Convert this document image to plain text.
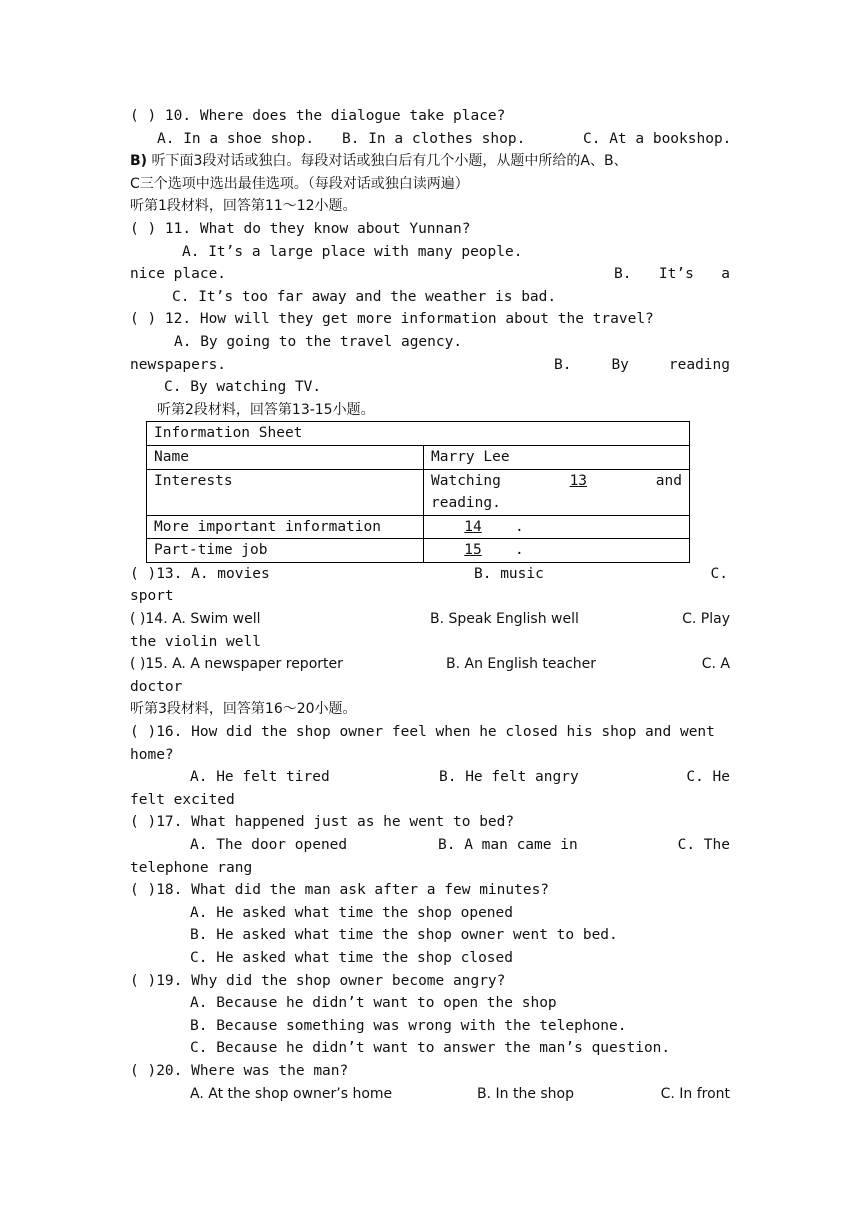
( ) 10. Where does the dialogue take place?
A. In a shoe shop. B. In a clothes shop.	C. At a bookshop.
B) 听下面3段对话或独白。每段对话或独白后有几个小题，从题中所给的A、B、
C三个选项中选出最佳选项。（每段对话或独白读两遍）
听第1段材料，回答第11～12小题。
( ) 11. What do they know about Yunnan?
A. It’s a large place with many people.
B. It’s a
nice place.
C. It’s too far away and the weather is bad.
( ) 12. How will they get more information about the travel?
A. By going to the travel agency.
B.	By	reading
newspapers.
C. By watching TV.
听第2段材料，回答第13-15小题。
Information Sheet	
Name	Marry Lee
Interests	Watching 13 and
reading.

More important information	14 .
Part-time job	15 .
( )13. A. movies	B. music	C.
sport
( )14. A. Swim well	B. Speak English well	C. Play
the violin well
( )15. A. A newspaper reporter	B. An English teacher	C. A
doctor
听第3段材料，回答第16～20小题。
( )16. How did the shop owner feel when he closed his shop and went
home?
A. He felt tired	B. He felt angry	C. He
felt excited
( )17. What happened just as he went to bed?
A. The door opened	B. A man came in	C. The
telephone rang
( )18. What did the man ask after a few minutes?
A. He asked what time the shop opened
B. He asked what time the shop owner went to bed.
C. He asked what time the shop closed
( )19. Why did the shop owner become angry?
A. Because he didn’t want to open the shop
B. Because something was wrong with the telephone.
C. Because he didn’t want to answer the man’s question.
( )20. Where was the man?
A. At the shop owner’s home	B. In the shop	C. In front
